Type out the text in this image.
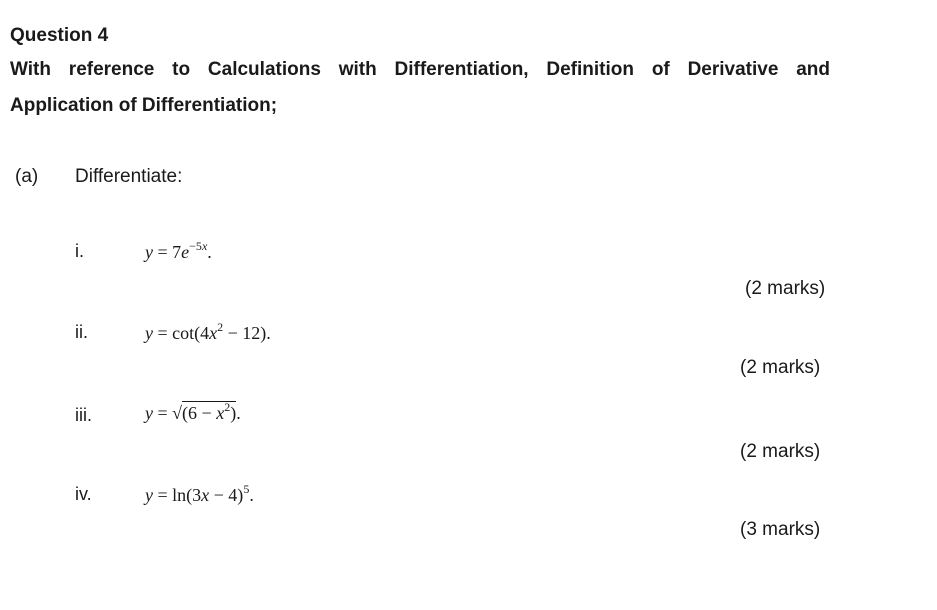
Question 4
With reference to Calculations with Differentiation, Definition of Derivative and
Application of Differentiation;
(a) Differentiate:
i.	$y = 7e^{-5x}$.
(2 marks)
ii.	$y = \cot(4x^2 - 12)$.
(2 marks)
iii.	$y = √(6 - x^2)$.
(2 marks)
iv.	$y = \ln(3x - 4)^5$.
(3 marks)
